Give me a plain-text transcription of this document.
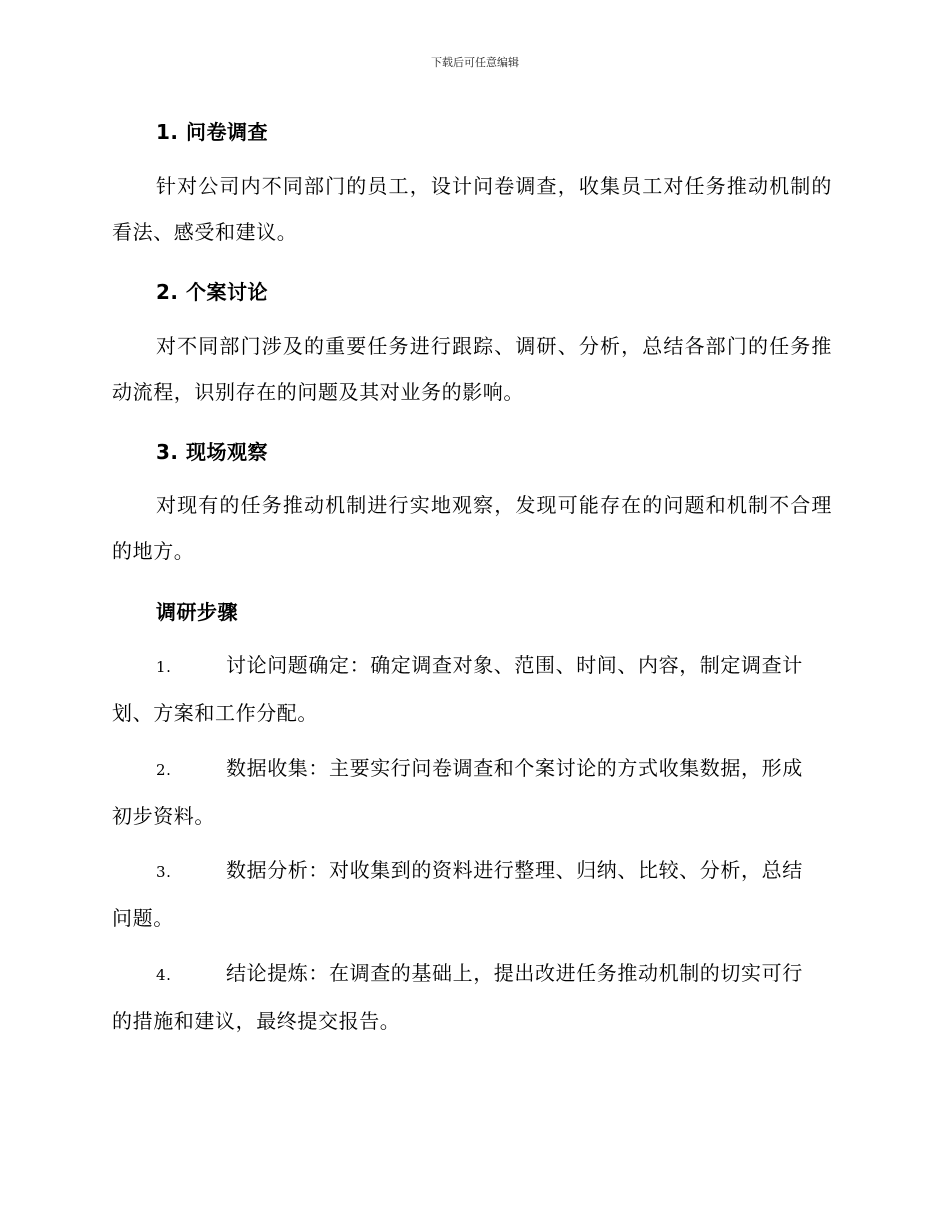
下载后可任意编辑
1. 问卷调查
针对公司内不同部门的员工，设计问卷调查，收集员工对任务推动机制的看法、感受和建议。
2. 个案讨论
对不同部门涉及的重要任务进行跟踪、调研、分析，总结各部门的任务推动流程，识别存在的问题及其对业务的影响。
3. 现场观察
对现有的任务推动机制进行实地观察，发现可能存在的问题和机制不合理的地方。
调研步骤
1.	讨论问题确定：确定调查对象、范围、时间、内容，制定调查计
划、方案和工作分配。
2.	数据收集：主要实行问卷调查和个案讨论的方式收集数据，形成
初步资料。
3.	数据分析：对收集到的资料进行整理、归纳、比较、分析，总结
问题。
4.	结论提炼：在调查的基础上，提出改进任务推动机制的切实可行
的措施和建议，最终提交报告。
